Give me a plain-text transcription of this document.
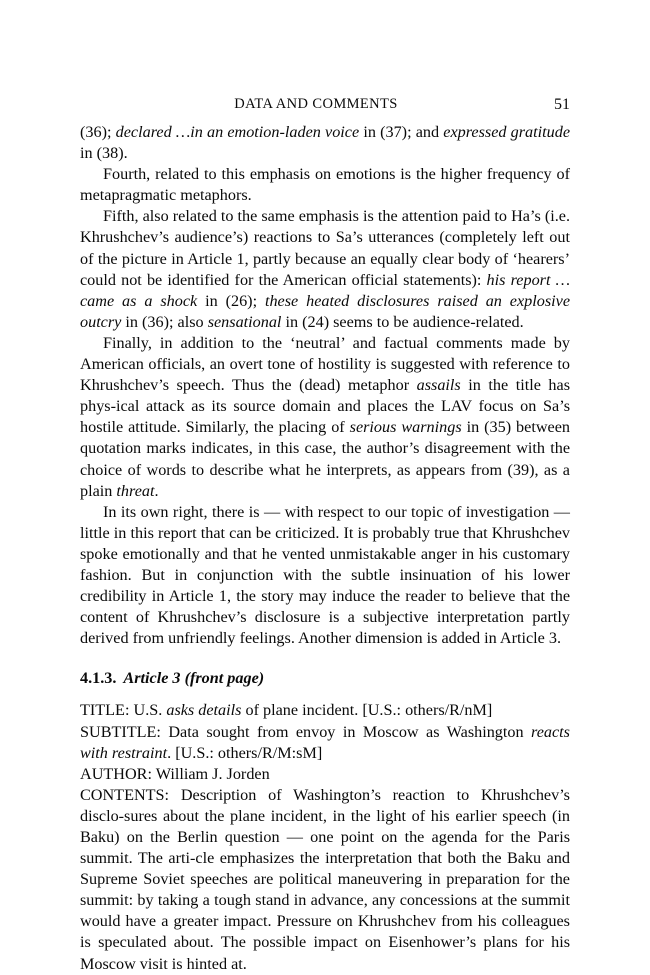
DATA AND COMMENTS	51

(36); declared …in an emotion-laden voice in (37); and expressed gratitude in (38).

Fourth, related to this emphasis on emotions is the higher frequency of metapragmatic metaphors.

Fifth, also related to the same emphasis is the attention paid to Ha’s (i.e. Khrushchev’s audience’s) reactions to Sa’s utterances (completely left out of the picture in Article 1, partly because an equally clear body of ‘hearers’ could not be identified for the American official statements): his report …came as a shock in (26); these heated disclosures raised an explosive outcry in (36); also sensational in (24) seems to be audience-related.

Finally, in addition to the ‘neutral’ and factual comments made by American officials, an overt tone of hostility is suggested with reference to Khrushchev’s speech. Thus the (dead) metaphor assails in the title has phys-ical attack as its source domain and places the LAV focus on Sa’s hostile attitude. Similarly, the placing of serious warnings in (35) between quotation marks indicates, in this case, the author’s disagreement with the choice of words to describe what he interprets, as appears from (39), as a plain threat.

In its own right, there is — with respect to our topic of investigation — little in this report that can be criticized. It is probably true that Khrushchev spoke emotionally and that he vented unmistakable anger in his customary fashion. But in conjunction with the subtle insinuation of his lower credibility in Article 1, the story may induce the reader to believe that the content of Khrushchev’s disclosure is a subjective interpretation partly derived from unfriendly feelings. Another dimension is added in Article 3.

4.1.3. Article 3 (front page)
TITLE: U.S. asks details of plane incident. [U.S.: others/R/nM]
SUBTITLE: Data sought from envoy in Moscow as Washington reacts with restraint. [U.S.: others/R/M:sM]
AUTHOR: William J. Jorden
CONTENTS: Description of Washington’s reaction to Khrushchev’s disclo-sures about the plane incident, in the light of his earlier speech (in Baku) on the Berlin question — one point on the agenda for the Paris summit. The arti-cle emphasizes the interpretation that both the Baku and Supreme Soviet speeches are political maneuvering in preparation for the summit: by taking a tough stand in advance, any concessions at the summit would have a greater impact. Pressure on Khrushchev from his colleagues is speculated about. The possible impact on Eisenhower’s plans for his Moscow visit is hinted at.
